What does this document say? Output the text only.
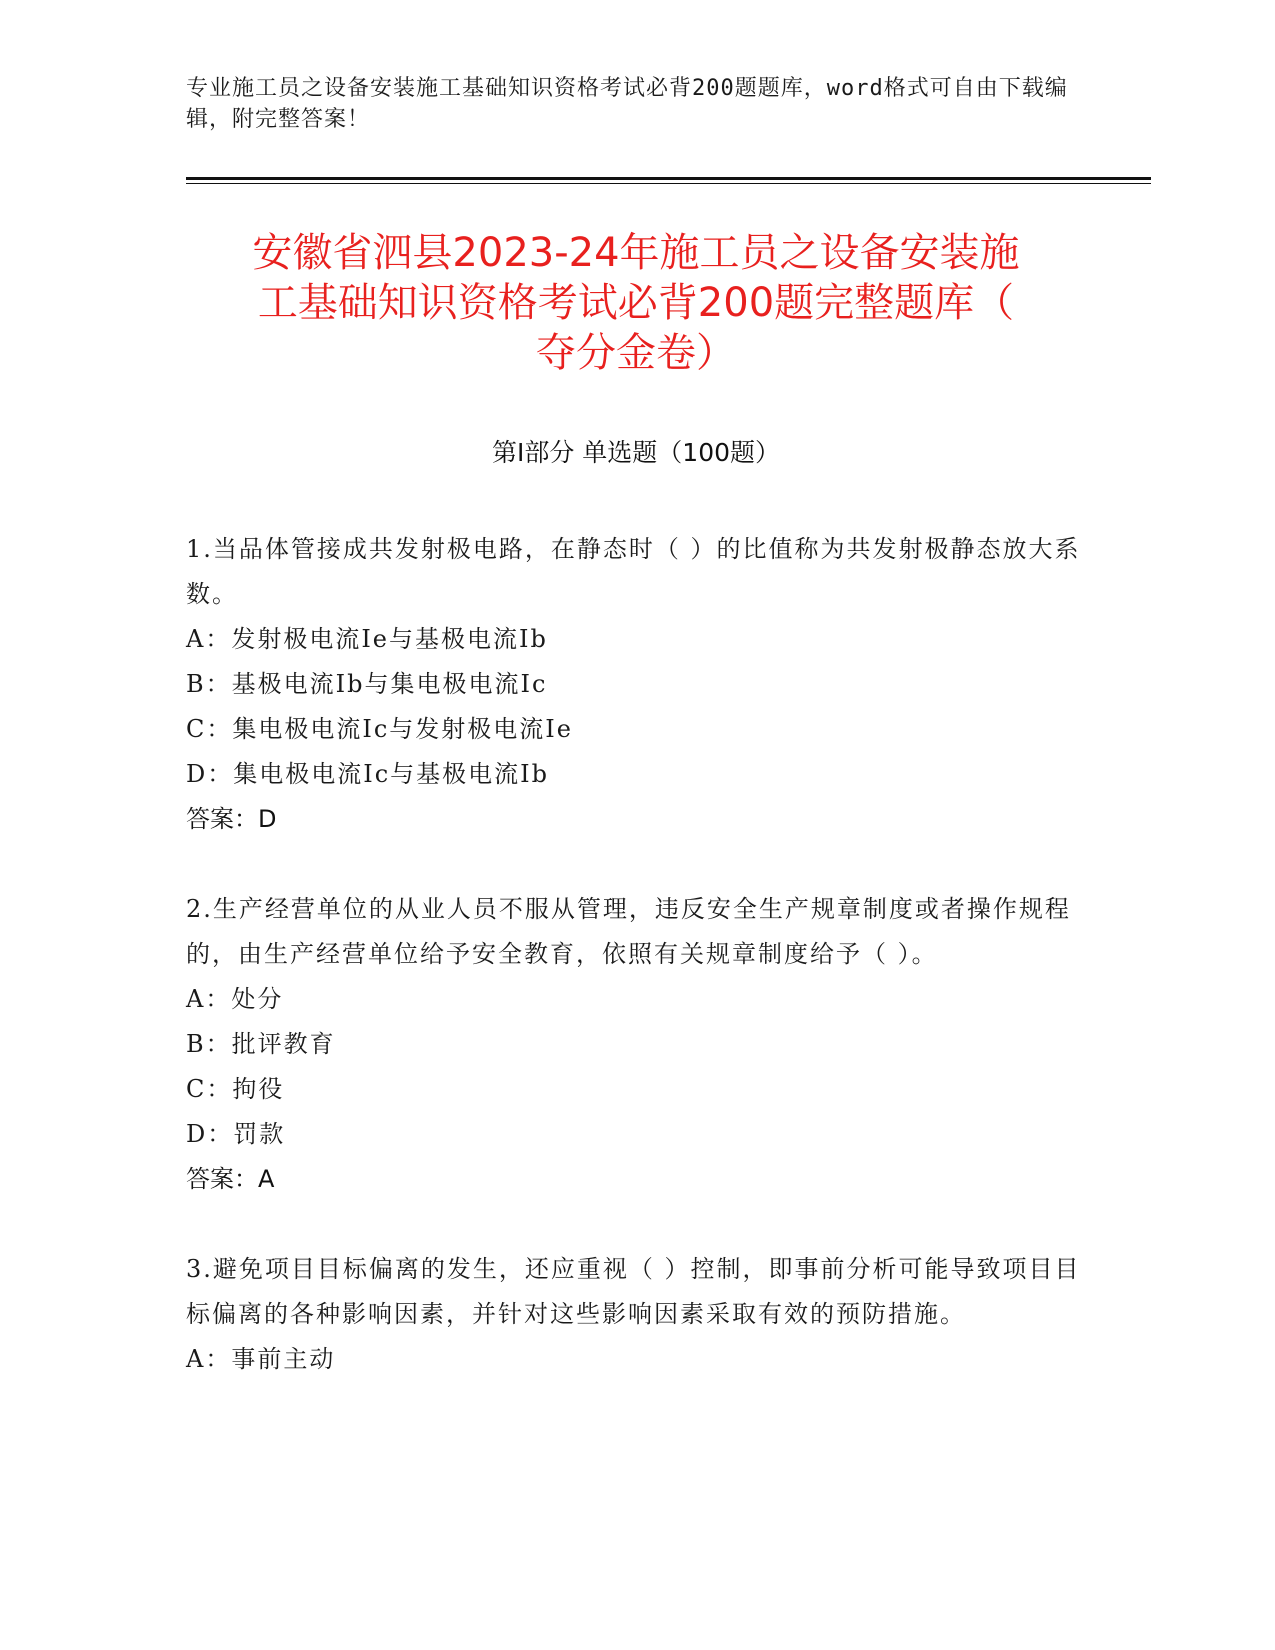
专业施工员之设备安装施工基础知识资格考试必背200题题库，word格式可自由下载编辑，附完整答案！
安徽省泗县2023-24年施工员之设备安装施
工基础知识资格考试必背200题完整题库（
夺分金卷）
第I部分 单选题（100题）

1.当品体管接成共发射极电路，在静态时（ ）的比值称为共发射极静态放大系数。

A：发射极电流Ie与基极电流Ib

B：基极电流Ib与集电极电流Ic

C：集电极电流Ic与发射极电流Ie

D：集电极电流Ic与基极电流Ib

答案：D

2.生产经营单位的从业人员不服从管理，违反安全生产规章制度或者操作规程的，由生产经营单位给予安全教育，依照有关规章制度给予（ ）。

A：处分

B：批评教育

C：拘役

D：罚款

答案：A

3.避免项目目标偏离的发生，还应重视（ ）控制，即事前分析可能导致项目目标偏离的各种影响因素，并针对这些影响因素采取有效的预防措施。

A：事前主动
